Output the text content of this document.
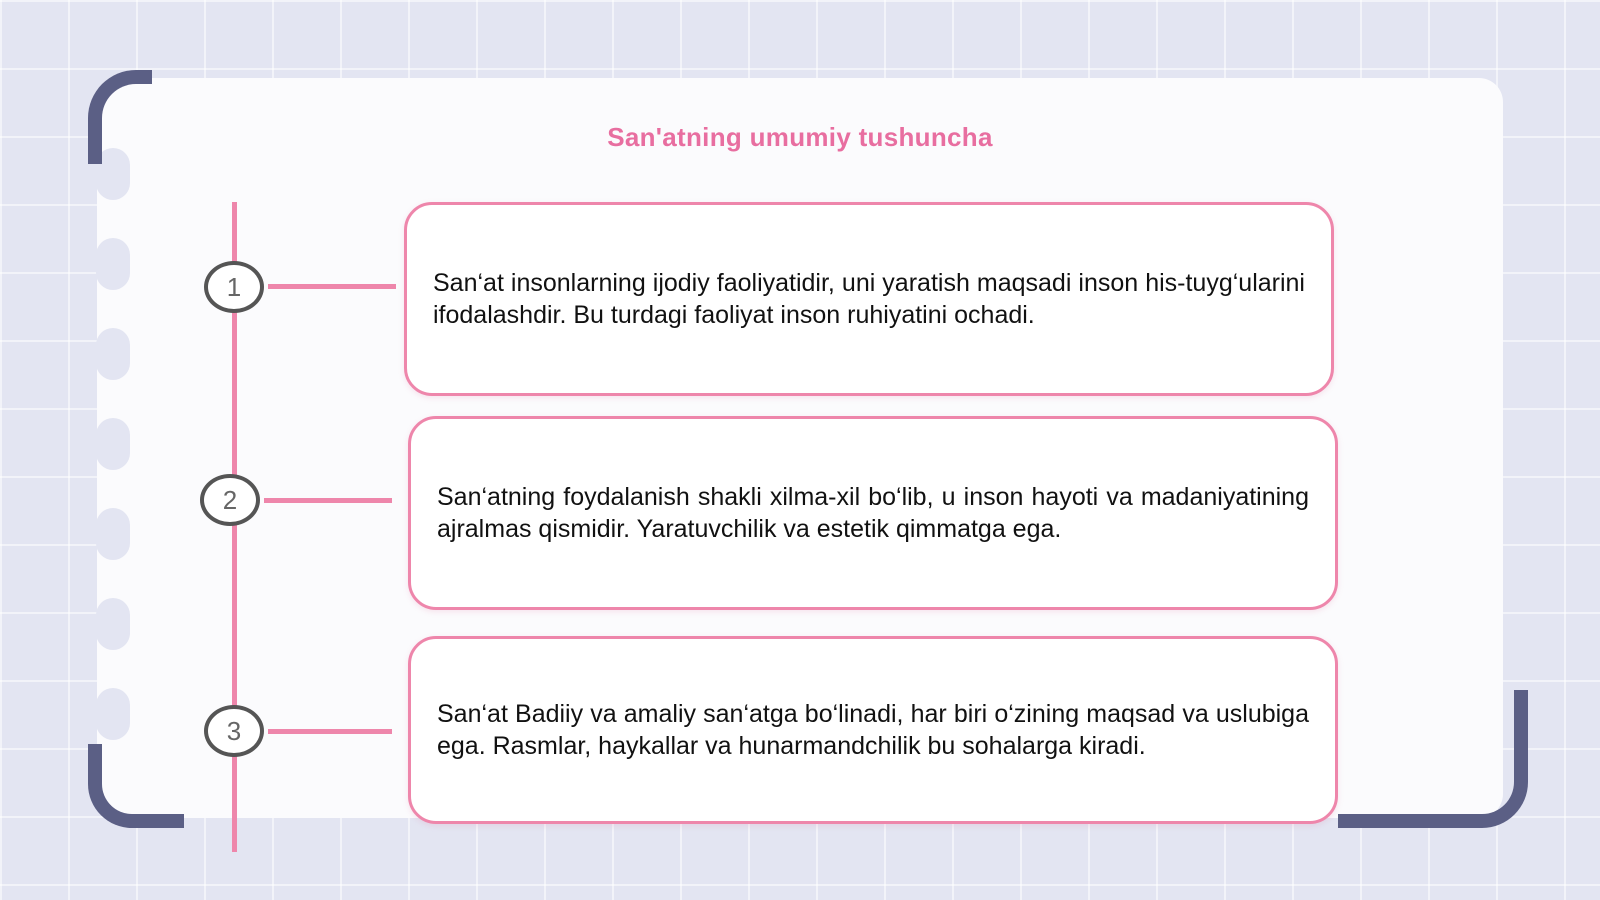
San'atning umumiy tushuncha
1	San‘at insonlarning ijodiy faoliyatidir, uni yaratish maqsadi inson his-tuyg‘ularini ifodalashdir. Bu turdagi faoliyat inson ruhiyatini ochadi.

2	San‘atning foydalanish shakli xilma-xil bo‘lib, u inson hayoti va madaniyatining ajralmas qismidir. Yaratuvchilik va estetik qimmatga ega.

3

San‘at Badiiy va amaliy san‘atga bo‘linadi, har biri o‘zining maqsad va uslubiga ega. Rasmlar, haykallar va hunarmandchilik bu sohalarga kiradi.
